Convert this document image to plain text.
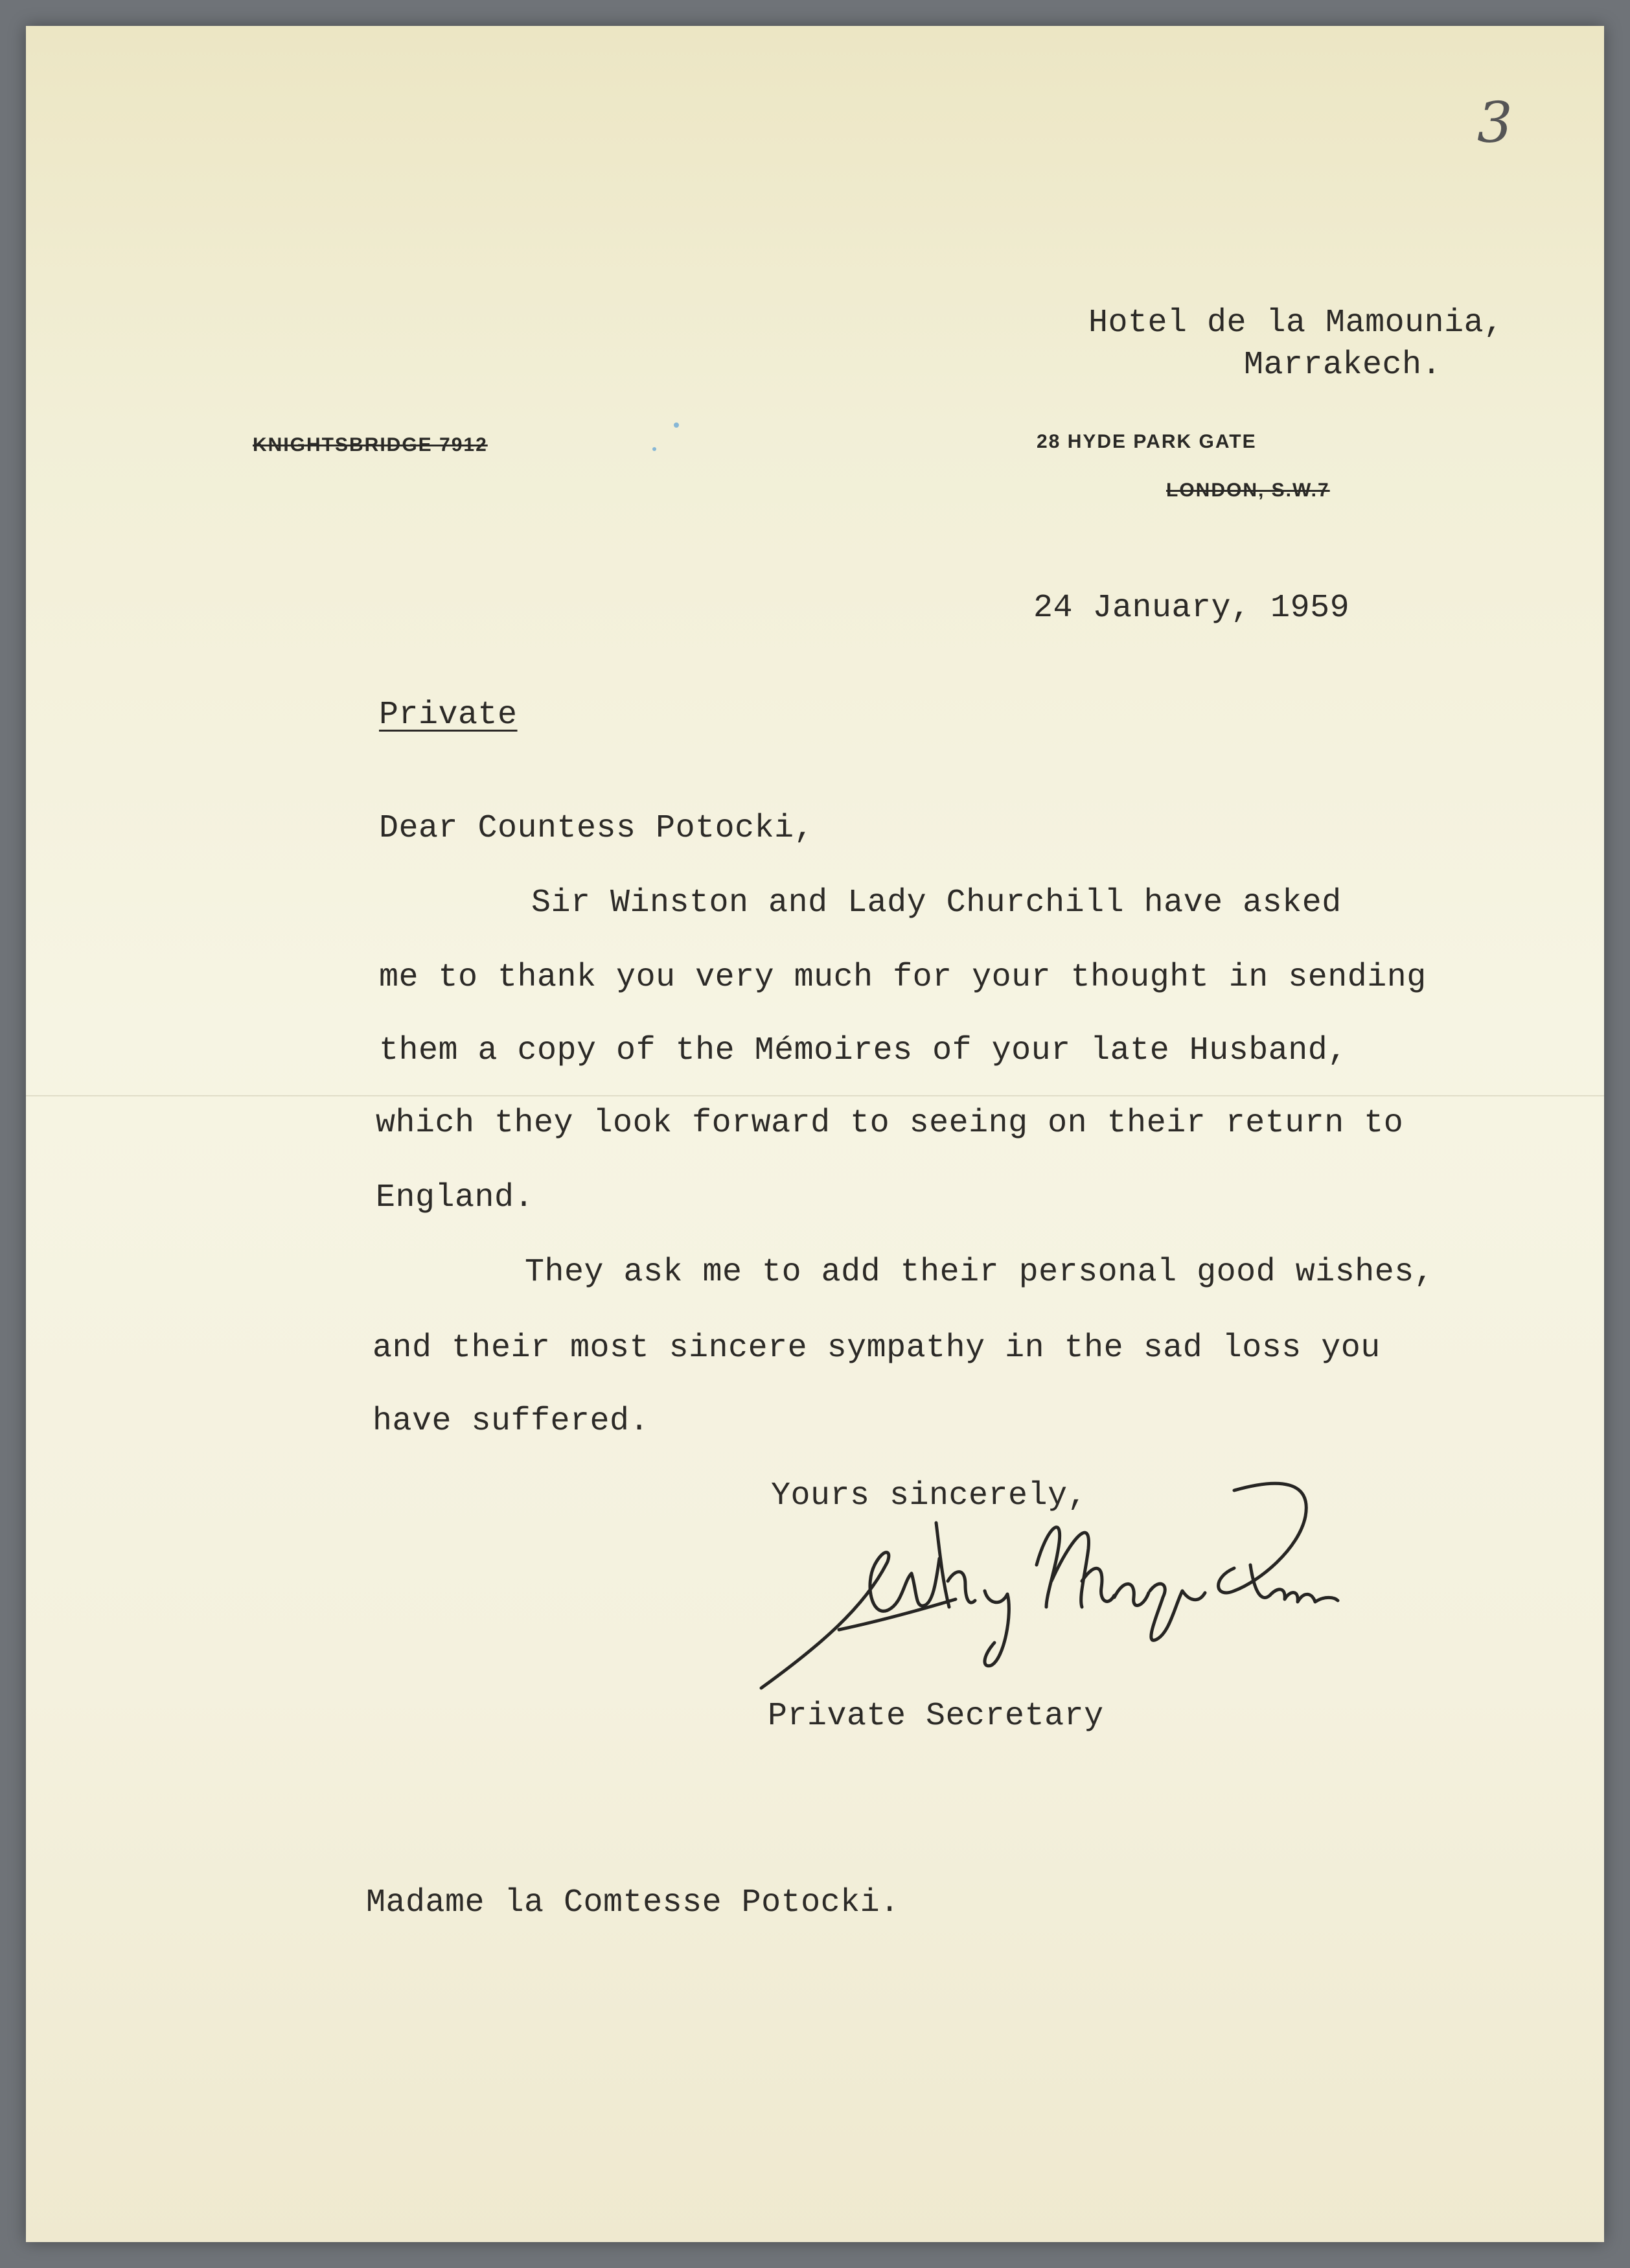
3
Hotel de la Mamounia,
Marrakech.
KNIGHTSBRIDGE 7912	28 HYDE PARK GATE
LONDON, S.W.7
24 January, 1959
Private
Dear Countess Potocki,
Sir Winston and Lady Churchill have asked
me to thank you very much for your thought in sending
them a copy of the Mémoires of your late Husband,
which they look forward to seeing on their return to
England.
They ask me to add their personal good wishes,
and their most sincere sympathy in the sad loss you
have suffered.
Yours sincerely,
Private Secretary
Madame la Comtesse Potocki.
